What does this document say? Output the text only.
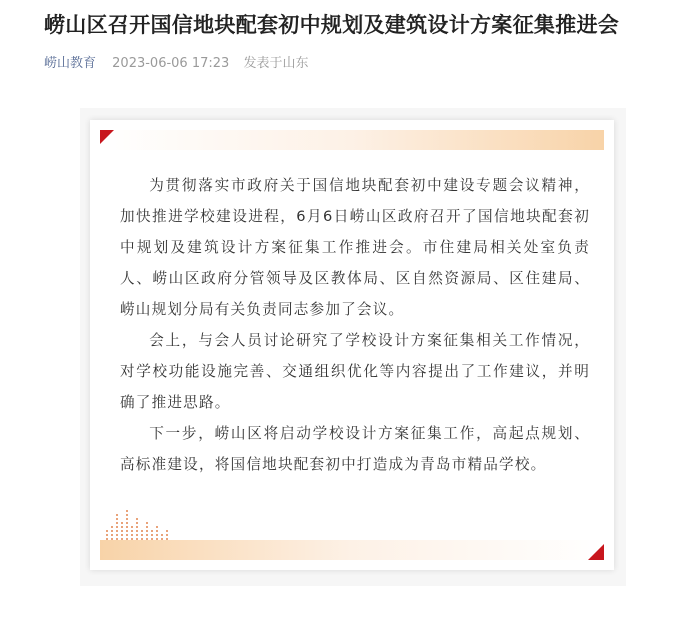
崂山区召开国信地块配套初中规划及建筑设计方案征集推进会
崂山教育 2023-06-06 17:23 发表于山东

为贯彻落实市政府关于国信地块配套初中建设专题会议精神，加快推进学校建设进程，6月6日崂山区政府召开了国信地块配套初中规划及建筑设计方案征集工作推进会。市住建局相关处室负责人、崂山区政府分管领导及区教体局、区自然资源局、区住建局、崂山规划分局有关负责同志参加了会议。

会上，与会人员讨论研究了学校设计方案征集相关工作情况，对学校功能设施完善、交通组织优化等内容提出了工作建议，并明确了推进思路。

下一步，崂山区将启动学校设计方案征集工作，高起点规划、高标准建设，将国信地块配套初中打造成为青岛市精品学校。
